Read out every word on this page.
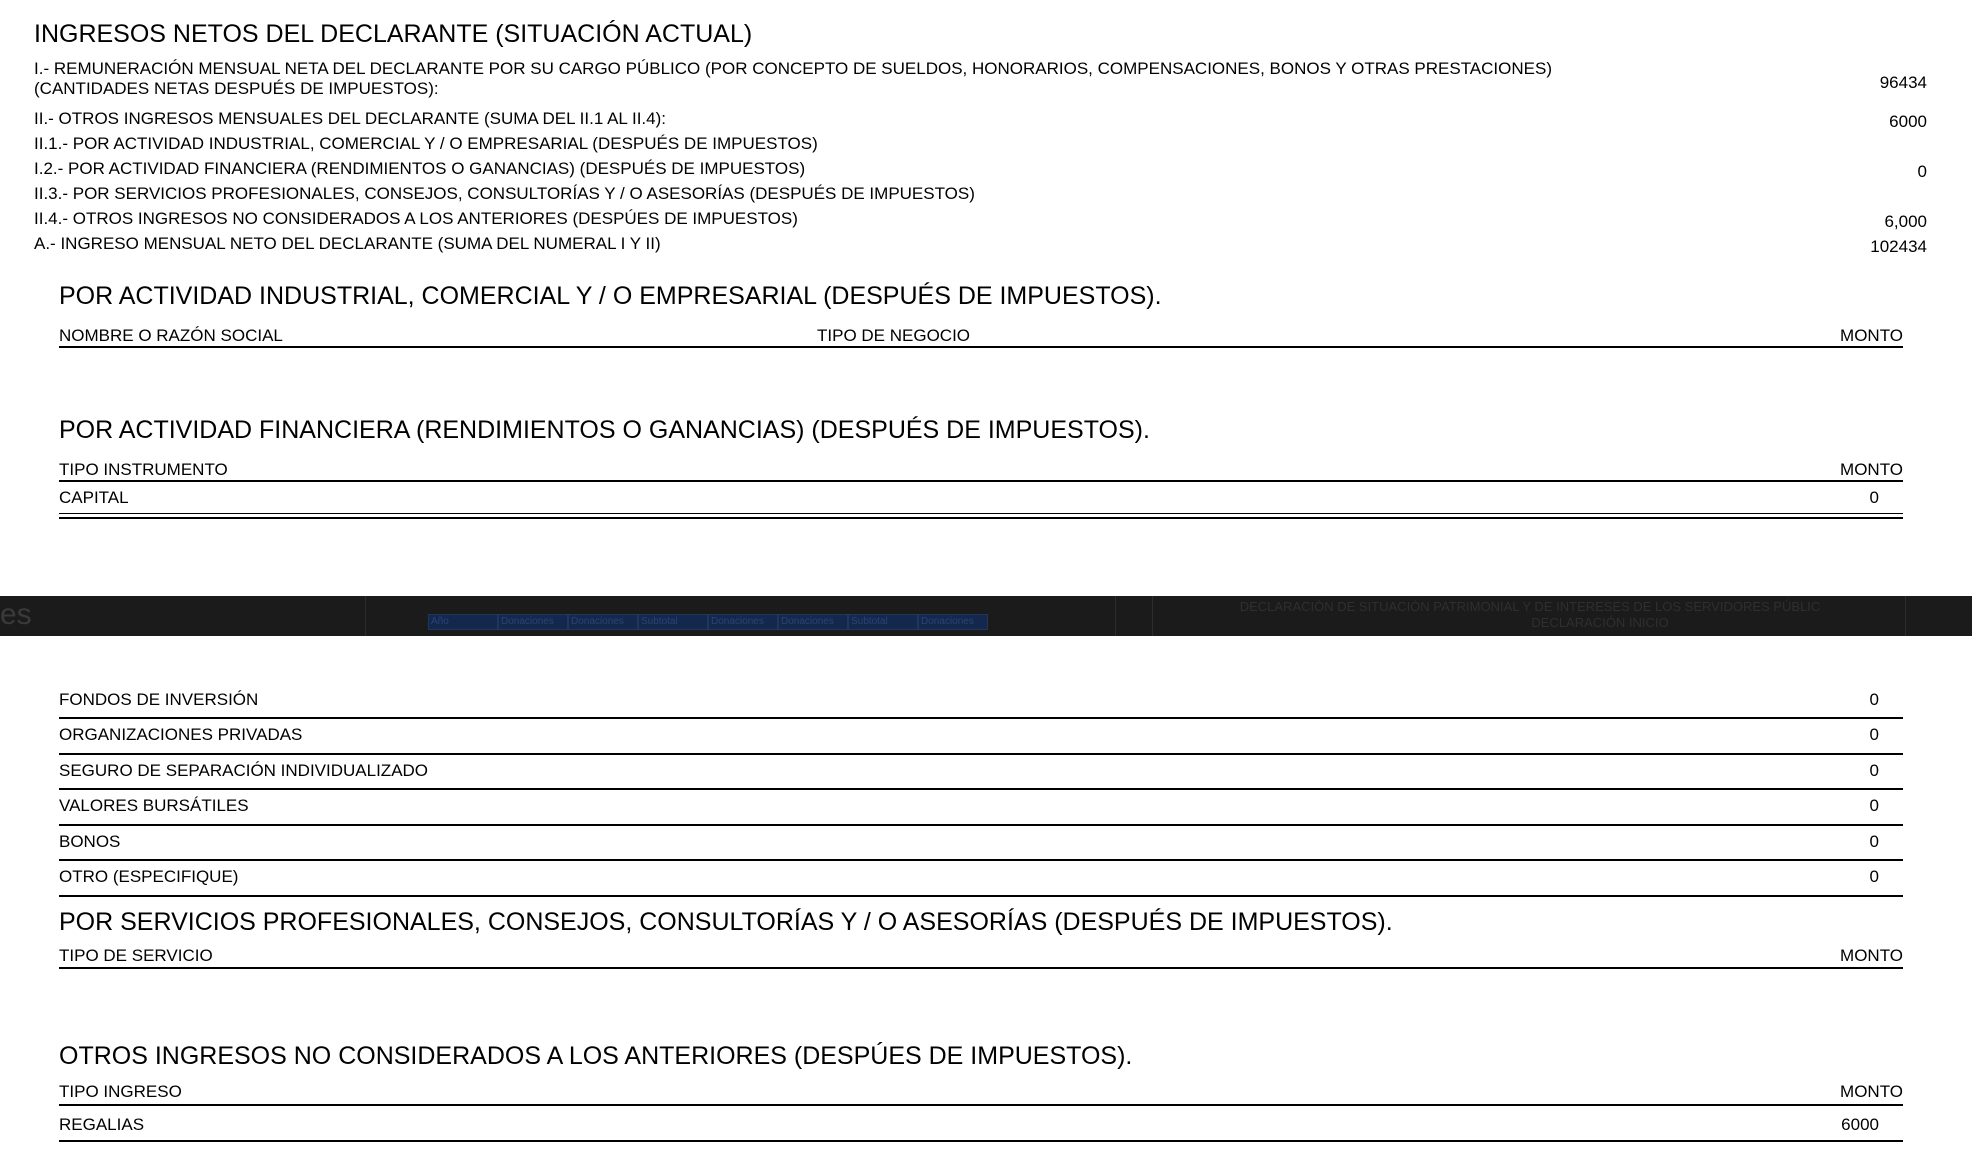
INGRESOS NETOS DEL DECLARANTE (SITUACIÓN ACTUAL)
I.- REMUNERACIÓN MENSUAL NETA DEL DECLARANTE POR SU CARGO PÚBLICO (POR CONCEPTO DE SUELDOS, HONORARIOS, COMPENSACIONES, BONOS Y OTRAS PRESTACIONES)
(CANTIDADES NETAS DESPUÉS DE IMPUESTOS):	96434
II.- OTROS INGRESOS MENSUALES DEL DECLARANTE (SUMA DEL II.1 AL II.4):	6000
II.1.- POR ACTIVIDAD INDUSTRIAL, COMERCIAL Y / O EMPRESARIAL (DESPUÉS DE IMPUESTOS)
I.2.- POR ACTIVIDAD FINANCIERA (RENDIMIENTOS O GANANCIAS) (DESPUÉS DE IMPUESTOS)	0
II.3.- POR SERVICIOS PROFESIONALES, CONSEJOS, CONSULTORÍAS Y / O ASESORÍAS (DESPUÉS DE IMPUESTOS)
II.4.- OTROS INGRESOS NO CONSIDERADOS A LOS ANTERIORES (DESPÚES DE IMPUESTOS)	6,000
A.- INGRESO MENSUAL NETO DEL DECLARANTE (SUMA DEL NUMERAL I Y II)	102434
POR ACTIVIDAD INDUSTRIAL, COMERCIAL Y / O EMPRESARIAL (DESPUÉS DE IMPUESTOS).
NOMBRE O RAZÓN SOCIAL	TIPO DE NEGOCIO	MONTO
POR ACTIVIDAD FINANCIERA (RENDIMIENTOS O GANANCIAS) (DESPUÉS DE IMPUESTOS).
TIPO INSTRUMENTO	MONTO
CAPITAL	0
es	Año	Donaciones	Donaciones	Subtotal	Donaciones	Donaciones	Subtotal	Donaciones
DECLARACIÓN DE SITUACIÓN PATRIMONIAL Y DE INTERESES DE LOS SERVIDORES PÚBLIC
DECLARACIÓN INICIO
FONDOS DE INVERSIÓN	0
ORGANIZACIONES PRIVADAS	0
SEGURO DE SEPARACIÓN INDIVIDUALIZADO	0
VALORES BURSÁTILES	0
BONOS	0
OTRO (ESPECIFIQUE)	0
POR SERVICIOS PROFESIONALES, CONSEJOS, CONSULTORÍAS Y / O ASESORÍAS (DESPUÉS DE IMPUESTOS).
TIPO DE SERVICIO	MONTO
OTROS INGRESOS NO CONSIDERADOS A LOS ANTERIORES (DESPÚES DE IMPUESTOS).
TIPO INGRESO	MONTO
REGALIAS	6000
